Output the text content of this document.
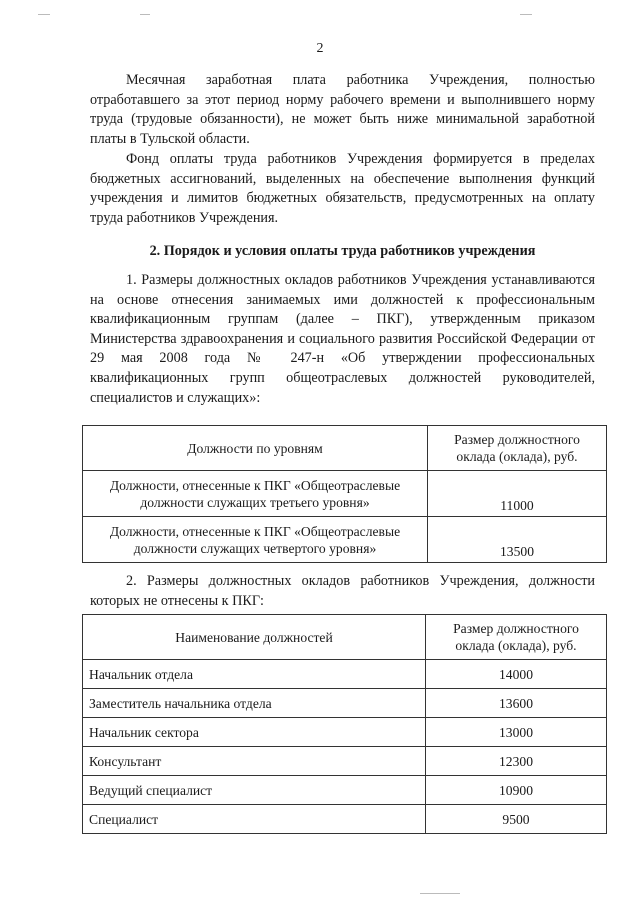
2
Месячная заработная плата работника Учреждения, полностью отработавшего за этот период норму рабочего времени и выполнившего норму труда (трудовые обязанности), не может быть ниже минимальной заработной платы в Тульской области.
Фонд оплаты труда работников Учреждения формируется в пределах бюджетных ассигнований, выделенных на обеспечение выполнения функций учреждения и лимитов бюджетных обязательств, предусмотренных на оплату труда работников Учреждения.
2. Порядок и условия оплаты труда работников учреждения
1. Размеры должностных окладов работников Учреждения устанавливаются на основе отнесения занимаемых ими должностей к профессиональным квалификационным группам (далее – ПКГ), утвержденным приказом Министерства здравоохранения и социального развития Российской Федерации от 29 мая 2008 года № 247-н «Об утверждении профессиональных квалификационных групп общеотраслевых должностей руководителей, специалистов и служащих»:
Должности по уровням	Размер должностного оклада (оклада), руб.
Должности, отнесенные к ПКГ «Общеотраслевые должности служащих третьего уровня»	11000
Должности, отнесенные к ПКГ «Общеотраслевые должности служащих четвертого уровня»	13500
2. Размеры должностных окладов работников Учреждения, должности которых не отнесены к ПКГ:
Наименование должностей	Размер должностного оклада (оклада), руб.
Начальник отдела	14000
Заместитель начальника отдела	13600
Начальник сектора	13000
Консультант	12300
Ведущий специалист	10900
Специалист	9500
